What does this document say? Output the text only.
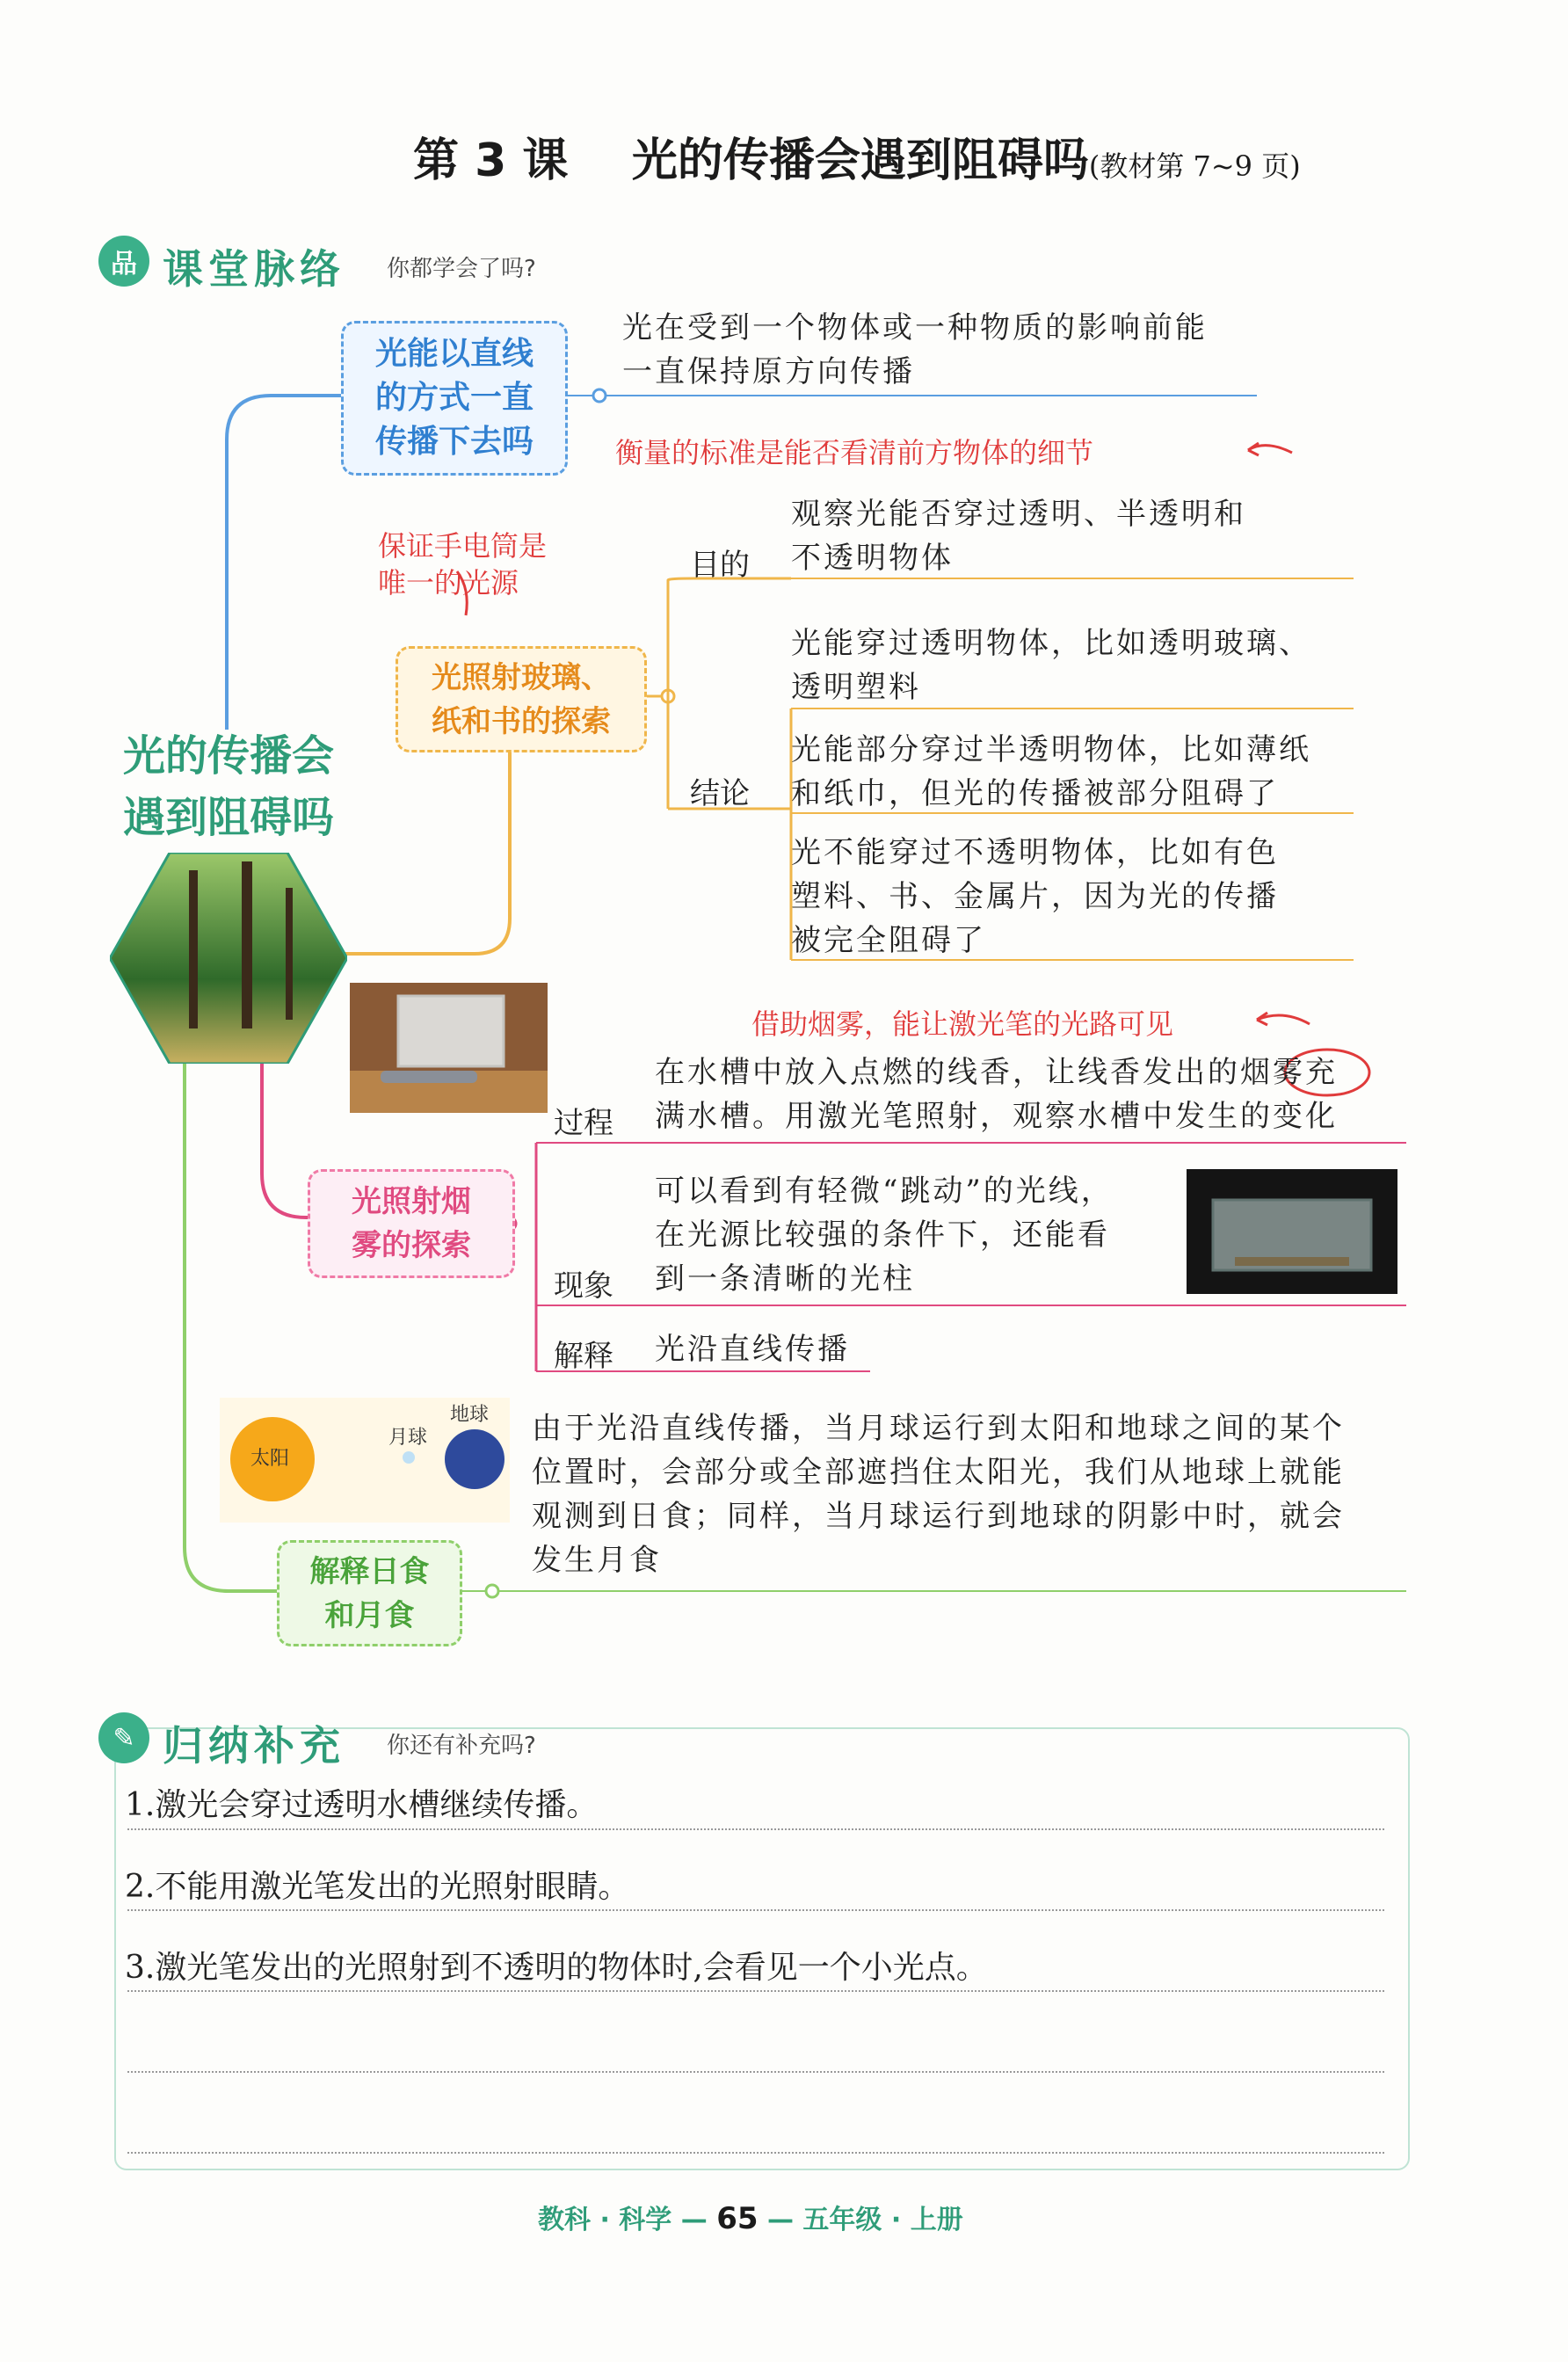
第 3 课 光的传播会遇到阻碍吗(教材第 7~9 页)
品 课堂脉络 你都学会了吗?
光能以直线
的方式一直
传播下去吗
光在受到一个物体或一种物质的影响前能
一直保持原方向传播
衡量的标准是能否看清前方物体的细节
光的传播会
遇到阻碍吗
保证手电筒是
唯一的光源
光照射玻璃、
纸和书的探索
目的
观察光能否穿过透明、半透明和
不透明物体
结论
光能穿过透明物体，比如透明玻璃、
透明塑料
光能部分穿过半透明物体，比如薄纸
和纸巾，但光的传播被部分阻碍了
光不能穿过不透明物体，比如有色
塑料、书、金属片，因为光的传播
被完全阻碍了
借助烟雾，能让激光笔的光路可见
光照射烟
雾的探索
过程
在水槽中放入点燃的线香，让线香发出的烟雾充
满水槽。用激光笔照射，观察水槽中发生的变化
现象
可以看到有轻微“跳动”的光线，
在光源比较强的条件下，还能看
到一条清晰的光柱
解释 光沿直线传播
太阳
月球
地球
解释日食
和月食
由于光沿直线传播，当月球运行到太阳和地球之间的某个
位置时，会部分或全部遮挡住太阳光，我们从地球上就能
观测到日食；同样，当月球运行到地球的阴影中时，就会
发生月食
✎ 归纳补充 你还有补充吗?
1.激光会穿过透明水槽继续传播。
2.不能用激光笔发出的光照射眼睛。
3.激光笔发出的光照射到不透明的物体时,会看见一个小光点。
教科 · 科学 — 65 — 五年级 · 上册
